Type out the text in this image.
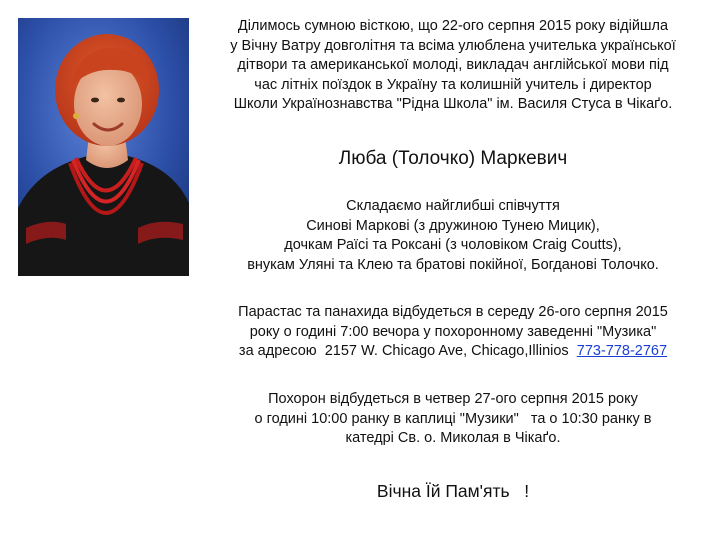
Ділимось сумною вісткою, що 22-ого серпня 2015 року відійшла
у Вічну Ватру довголітня та всіма улюблена учителька української
дітвори та американської молоді, викладач англійської мови під
час літніх поїздок в Україну та колишній учитель і директор
Школи Українознавства "Рідна Школа" ім. Василя Стуса в Чікаґо.
Люба (Толочко) Маркевич
Складаємо найглибші співчуття
Синові Маркові (з дружиною Тунею Мицик),
дочкам Раїсі та Роксані (з чоловіком Craig Coutts),
внукам Уляні та Клею та братові покійної, Богданові Толочко.
Парастас та панахида відбудеться в середу 26-ого серпня 2015
року о годині 7:00 вечора у похоронному заведенні "Музика"
за адресою  2157 W. Chicago Ave, Chicago,Illinios  773-778-2767
Похорон відбудеться в четвер 27-ого серпня 2015 року
о годині 10:00 ранку в каплиці "Музики"   та о 10:30 ранку в
катедрі Св. о. Миколая в Чікаґо.
Вічна Їй Пам'ять   !
